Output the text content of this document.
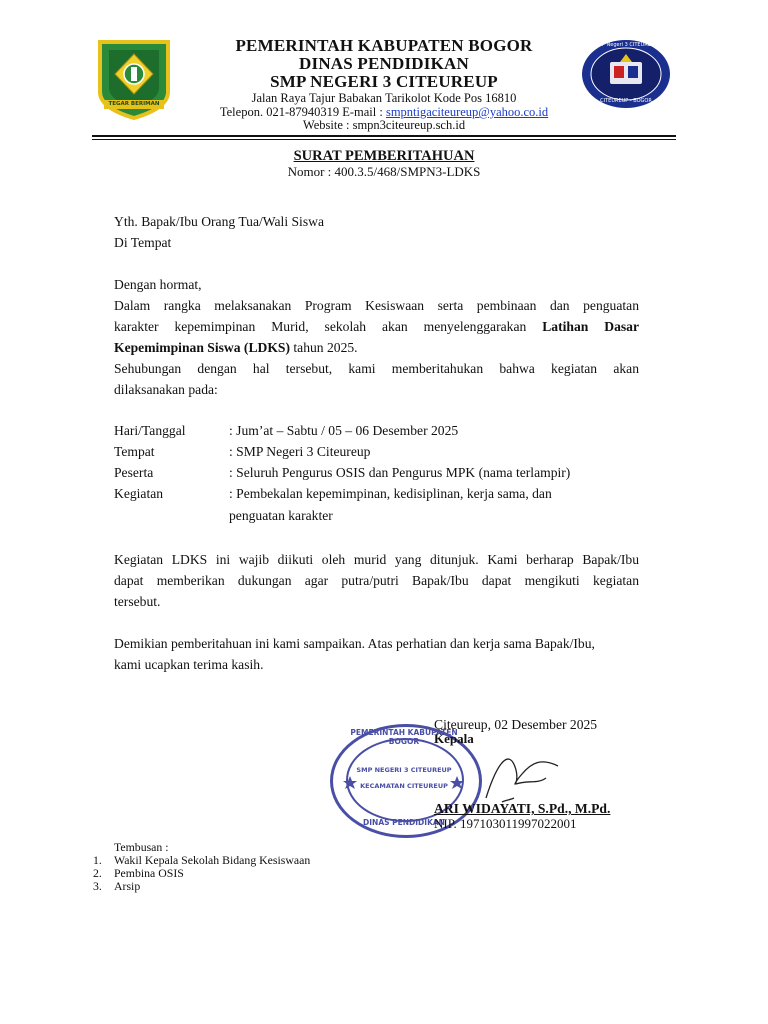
TEGAR BERIMAN
SMP Negeri 3 CITEUREUP
CITEUREUP - BOGOR
PEMERINTAH KABUPATEN BOGOR
DINAS PENDIDIKAN
SMP NEGERI 3 CITEUREUP
Jalan Raya Tajur Babakan Tarikolot Kode Pos 16810
Telepon. 021-87940319 E-mail : smpntigaciteureup@yahoo.co.id
Website : smpn3citeureup.sch.id
SURAT PEMBERITAHUAN
Nomor : 400.3.5/468/SMPN3-LDKS
Yth. Bapak/Ibu Orang Tua/Wali Siswa
Di Tempat
Dengan hormat,
Dalam rangka melaksanakan Program Kesiswaan serta pembinaan dan penguatan
karakter kepemimpinan Murid, sekolah akan menyelenggarakan Latihan Dasar
Kepemimpinan Siswa (LDKS) tahun 2025.
Sehubungan dengan hal tersebut, kami memberitahukan bahwa kegiatan akan
dilaksanakan pada:
Hari/Tanggal	: Jum’at – Sabtu / 05 – 06 Desember 2025
Tempat	: SMP Negeri 3 Citeureup
Peserta	: Seluruh Pengurus OSIS dan Pengurus MPK (nama terlampir)
Kegiatan	: Pembekalan kepemimpinan, kedisiplinan, kerja sama, dan
penguatan karakter
Kegiatan LDKS ini wajib diikuti oleh murid yang ditunjuk. Kami berharap Bapak/Ibu
dapat memberikan dukungan agar putra/putri Bapak/Ibu dapat mengikuti kegiatan
tersebut.
Demikian pemberitahuan ini kami sampaikan. Atas perhatian dan kerja sama Bapak/Ibu,
kami ucapkan terima kasih.
PEMERINTAH KABUPATEN BOGOR
SMP NEGERI 3 CITEUREUP
KECAMATAN CITEUREUP
DINAS PENDIDIKAN
Citeureup, 02 Desember 2025
Kepala
ARI WIDAYATI, S.Pd., M.Pd.
NIP. 197103011997022001
Tembusan :
1. Wakil Kepala Sekolah Bidang Kesiswaan
2. Pembina OSIS
3. Arsip
